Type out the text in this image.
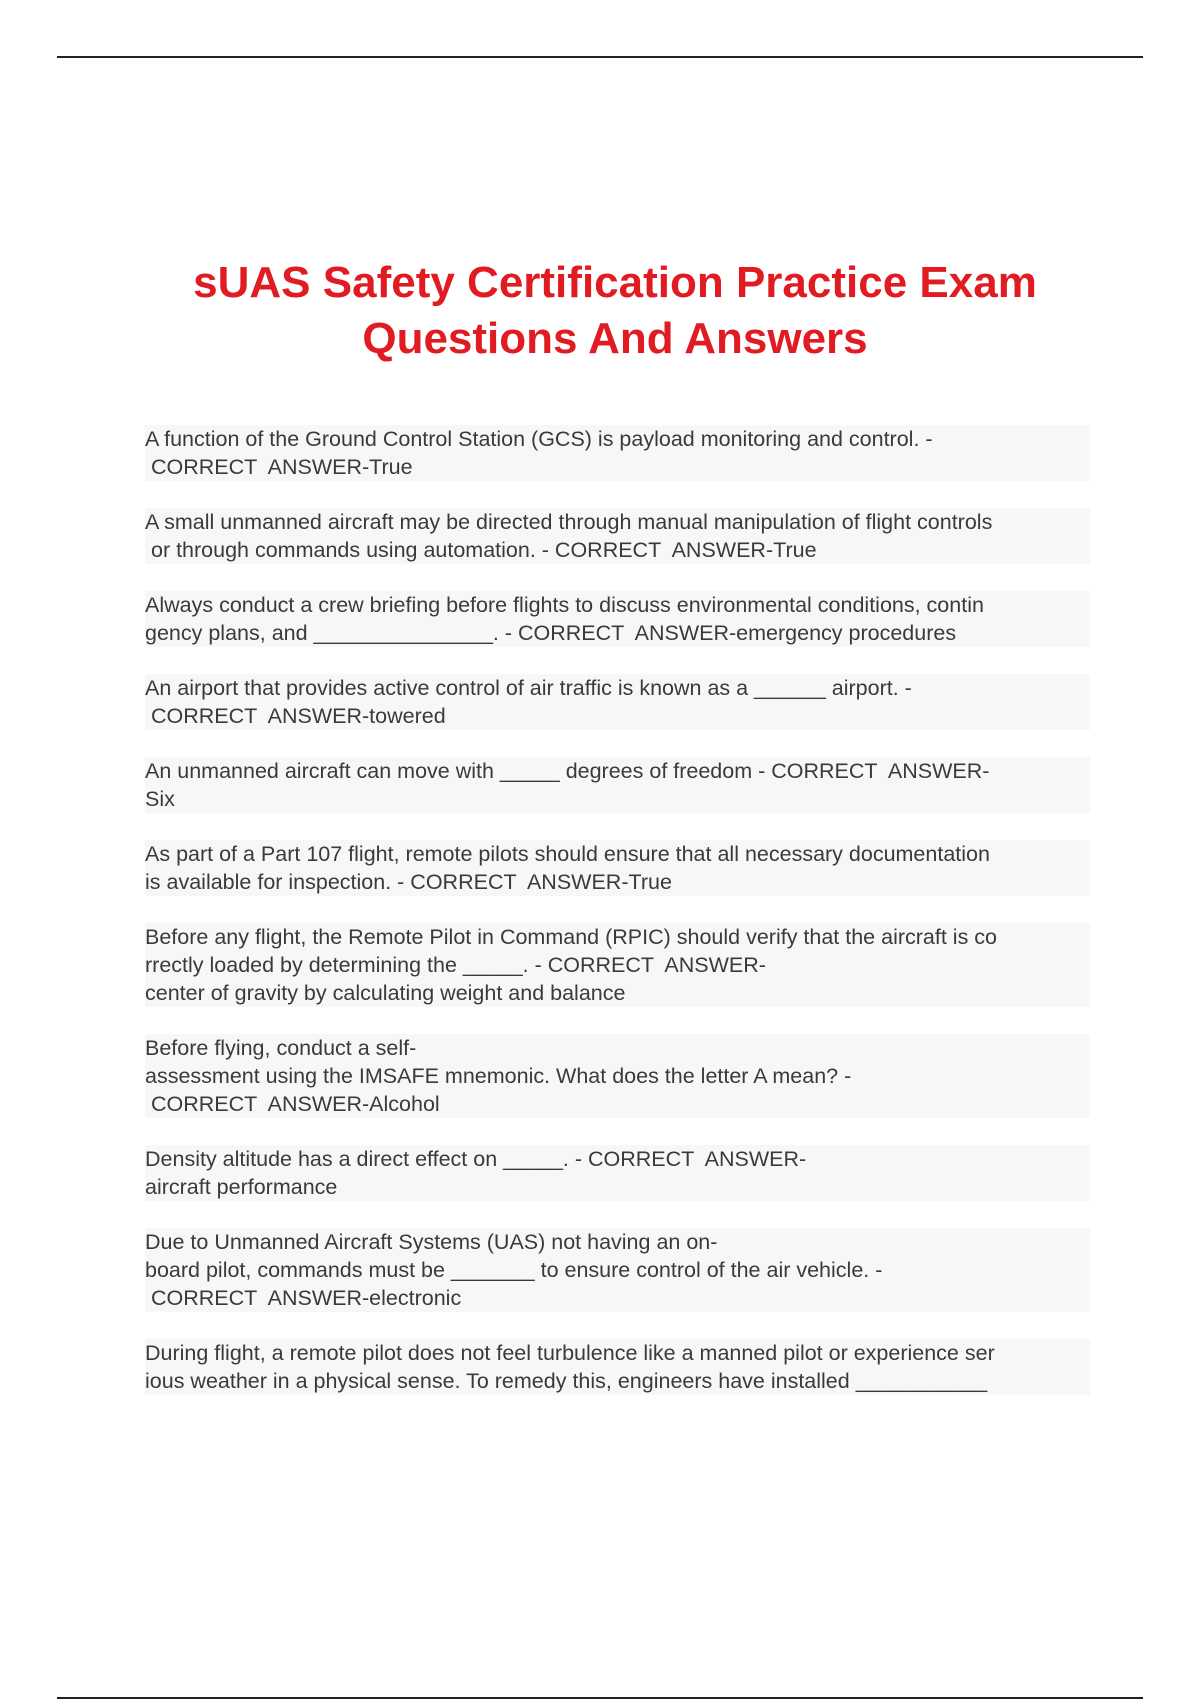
sUAS Safety Certification Practice Exam
Questions And Answers

A function of the Ground Control Station (GCS) is payload monitoring and control. -
CORRECT  ANSWER-True

A small unmanned aircraft may be directed through manual manipulation of flight controls
or through commands using automation. - CORRECT  ANSWER-True

Always conduct a crew briefing before flights to discuss environmental conditions, contin
gency plans, and _______________. - CORRECT  ANSWER-emergency procedures

An airport that provides active control of air traffic is known as a ______ airport. -
CORRECT  ANSWER-towered

An unmanned aircraft can move with _____ degrees of freedom - CORRECT  ANSWER-
Six

As part of a Part 107 flight, remote pilots should ensure that all necessary documentation
is available for inspection. - CORRECT  ANSWER-True

Before any flight, the Remote Pilot in Command (RPIC) should verify that the aircraft is co
rrectly loaded by determining the _____. - CORRECT  ANSWER-
center of gravity by calculating weight and balance

Before flying, conduct a self-
assessment using the IMSAFE mnemonic. What does the letter A mean? -
CORRECT  ANSWER-Alcohol

Density altitude has a direct effect on _____. - CORRECT  ANSWER-
aircraft performance

Due to Unmanned Aircraft Systems (UAS) not having an on-
board pilot, commands must be _______ to ensure control of the air vehicle. -
CORRECT  ANSWER-electronic

During flight, a remote pilot does not feel turbulence like a manned pilot or experience ser
ious weather in a physical sense. To remedy this, engineers have installed ___________
